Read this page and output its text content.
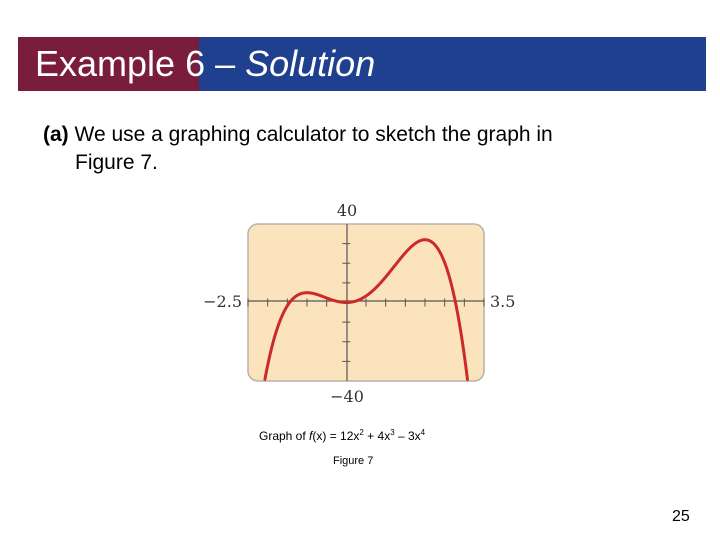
Example 6 – Solution
(a) We use a graphing calculator to sketch the graph in
Figure 7.
40
−40
−2.5	3.5
Graph of $f(x) = 12x^2 + 4x^3 - 3x^4$
Figure 7
25
